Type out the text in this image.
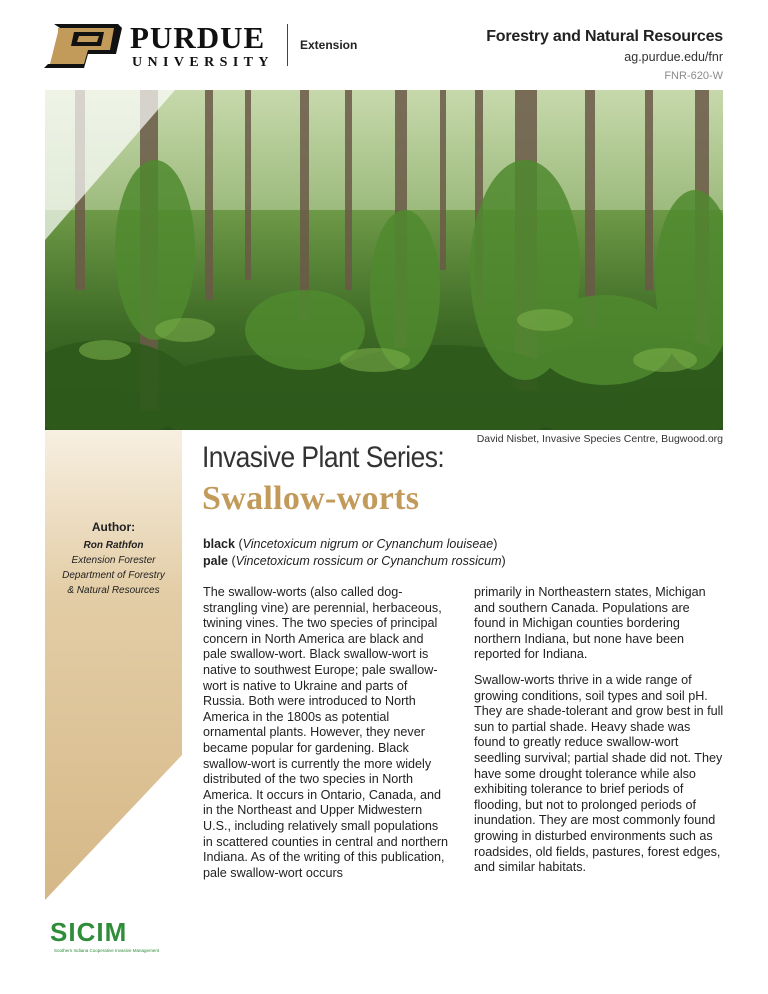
PURDUE
UNIVERSITY
Extension	Forestry and Natural Resources
ag.purdue.edu/fnr
FNR-620-W
David Nisbet, Invasive Species Centre, Bugwood.org
Author:
Ron Rathfon
Extension Forester
Department of Forestry
& Natural Resources
Invasive Plant Series:
Swallow-worts
black (Vincetoxicum nigrum or Cynanchum louiseae)
pale (Vincetoxicum rossicum or Cynanchum rossicum)

The swallow-worts (also called dog-strangling vine) are perennial, herbaceous, twining vines. The two species of principal concern in North America are black and pale swallow-wort. Black swallow-wort is native to southwest Europe; pale swallow-wort is native to Ukraine and parts of Russia. Both were introduced to North America in the 1800s as potential ornamental plants. However, they never became popular for gardening. Black swallow-wort is currently the more widely distributed of the two species in North America. It occurs in Ontario, Canada, and in the Northeast and Upper Midwestern U.S., including relatively small populations in scattered counties in central and northern Indiana. As of the writing of this publication, pale swallow-wort occurs

primarily in Northeastern states, Michigan and southern Canada. Populations are found in Michigan counties bordering northern Indiana, but none have been reported for Indiana.

Swallow-worts thrive in a wide range of growing conditions, soil types and soil pH. They are shade-tolerant and grow best in full sun to partial shade. Heavy shade was found to greatly reduce swallow-wort seedling survival; partial shade did not. They have some drought tolerance while also exhibiting tolerance to brief periods of flooding, but not to prolonged periods of inundation. They are most commonly found growing in disturbed environments such as roadsides, old fields, pastures, forest edges, and similar habitats.

SICIM
Southern Indiana Cooperative Invasive Management
